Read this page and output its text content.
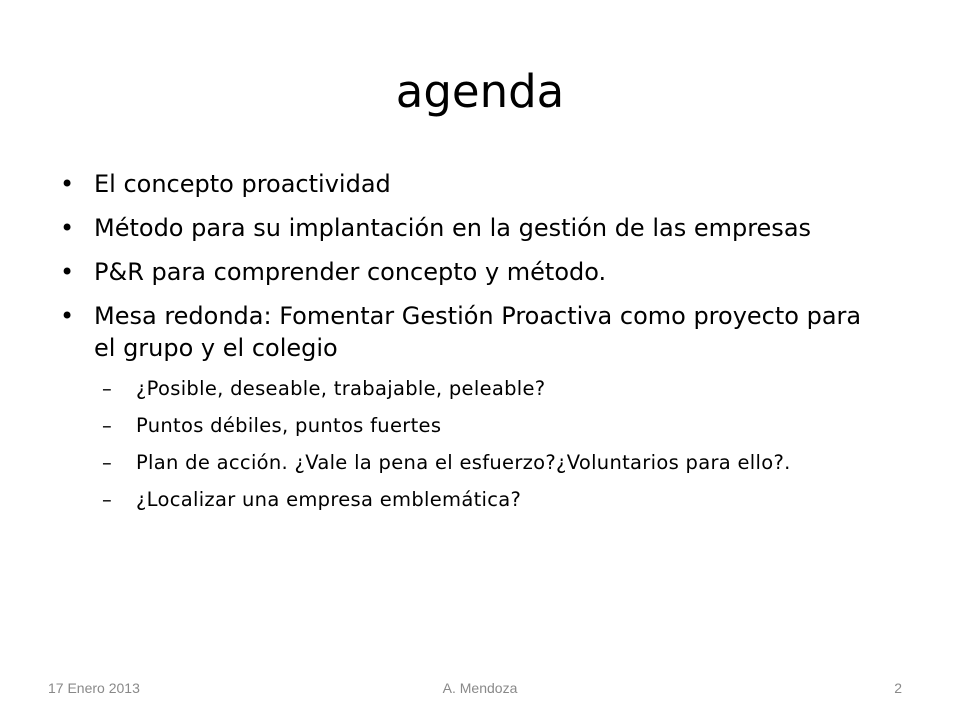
agenda
• El concepto proactividad
• Método para su implantación en la gestión de las empresas
• P&R para comprender concepto y método.
• Mesa redonda: Fomentar Gestión Proactiva como proyecto para el grupo y el colegio
– ¿Posible, deseable, trabajable, peleable?
– Puntos débiles, puntos fuertes
– Plan de acción. ¿Vale la pena el esfuerzo?¿Voluntarios para ello?.
– ¿Localizar una empresa emblemática?
17 Enero 2013	A. Mendoza	2
